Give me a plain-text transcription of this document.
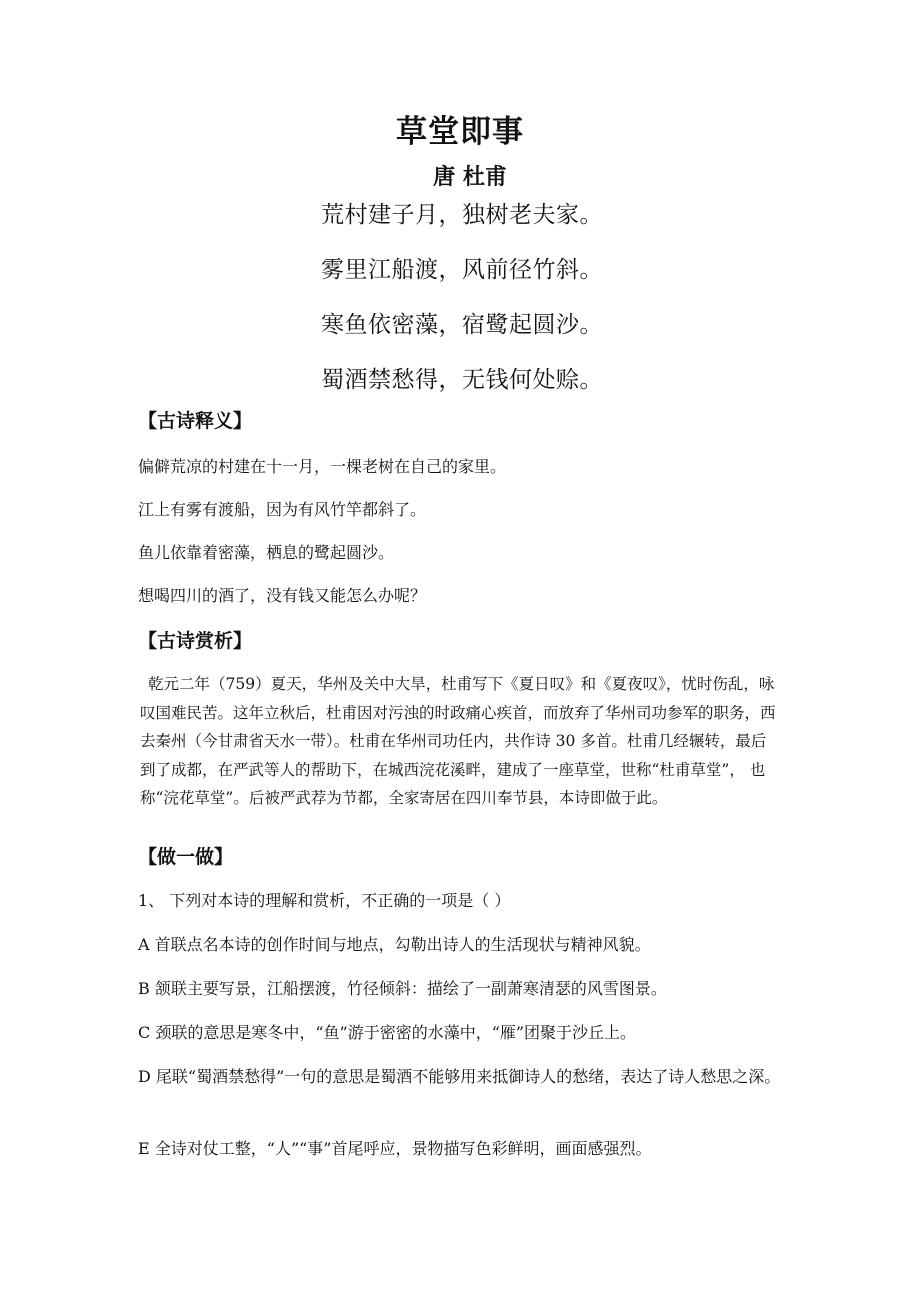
草堂即事
唐 杜甫
荒村建子月，独树老夫家。
雾里江船渡，风前径竹斜。
寒鱼依密藻，宿鹭起圆沙。
蜀酒禁愁得，无钱何处赊。
【古诗释义】

偏僻荒凉的村建在十一月，一棵老树在自己的家里。

江上有雾有渡船，因为有风竹竿都斜了。

鱼儿依靠着密藻，栖息的鹭起圆沙。

想喝四川的酒了，没有钱又能怎么办呢？

【古诗赏析】

乾元二年（759）夏天，华州及关中大旱，杜甫写下《夏日叹》和《夏夜叹》，忧时伤乱，咏叹国难民苦。这年立秋后，杜甫因对污浊的时政痛心疾首，而放弃了华州司功参军的职务，西去秦州（今甘肃省天水一带）。杜甫在华州司功任内，共作诗 30 多首。杜甫几经辗转，最后到了成都，在严武等人的帮助下，在城西浣花溪畔，建成了一座草堂，世称“杜甫草堂”， 也称“浣花草堂”。后被严武荐为节都，全家寄居在四川奉节县，本诗即做于此。

【做一做】

1、 下列对本诗的理解和赏析，不正确的一项是（ ）

A 首联点名本诗的创作时间与地点，勾勒出诗人的生活现状与精神风貌。

B 颔联主要写景，江船摆渡，竹径倾斜：描绘了一副萧寒清瑟的风雪图景。

C 颈联的意思是寒冬中，“鱼”游于密密的水藻中，“雁”团聚于沙丘上。

D 尾联“蜀酒禁愁得”一句的意思是蜀酒不能够用来抵御诗人的愁绪，表达了诗人愁思之深。

E 全诗对仗工整，“人”“事”首尾呼应，景物描写色彩鲜明，画面感强烈。
